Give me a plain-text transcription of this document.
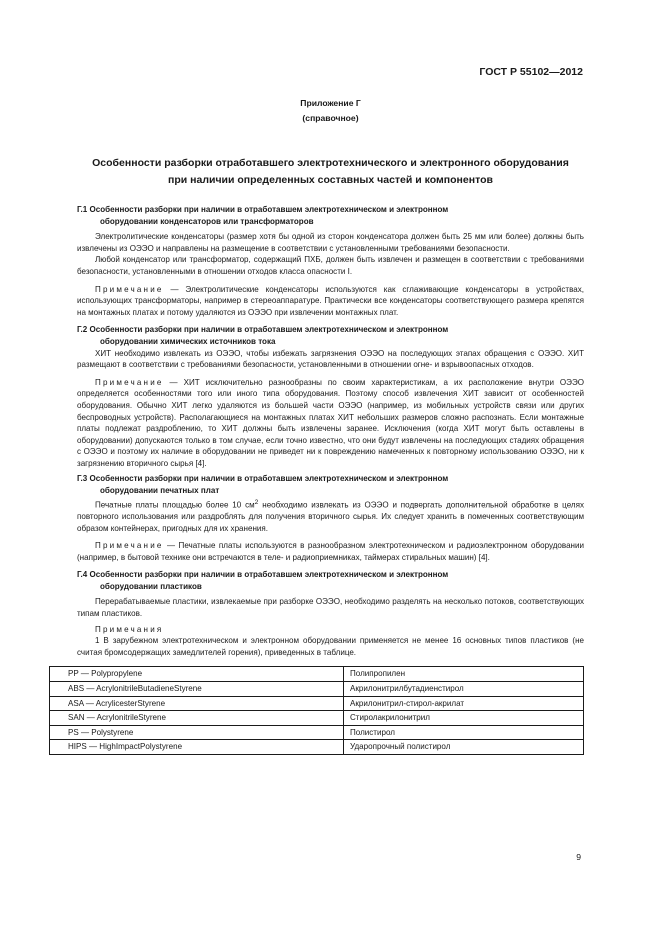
ГОСТ Р 55102—2012
Приложение Г
(справочное)
Особенности разборки отработавшего электротехнического и электронного оборудования
при наличии определенных составных частей и компонентов

Г.1 Особенности разборки при наличии в отработавшем электротехническом и электронном

оборудовании конденсаторов или трансформаторов

Электролитические конденсаторы (размер хотя бы одной из сторон конденсатора должен быть 25 мм или более) должны быть извлечены из ОЭЭО и направлены на размещение в соответствии с установленными требованиями безопасности.

Любой конденсатор или трансформатор, содержащий ПХБ, должен быть извлечен и размещен в соответствии с требованиями безопасности, установленными в отношении отходов класса опасности I.

Примечание — Электролитические конденсаторы используются как сглаживающие конденсаторы в устройствах, использующих трансформаторы, например в стереоаппаратуре. Практически все конденсаторы соответствующего размера крепятся на монтажных платах и потому удаляются из ОЭЭО при извлечении монтажных плат.

Г.2 Особенности разборки при наличии в отработавшем электротехническом и электронном

оборудовании химических источников тока

ХИТ необходимо извлекать из ОЭЭО, чтобы избежать загрязнения ОЭЭО на последующих этапах обращения с ОЭЭО. ХИТ размещают в соответствии с требованиями безопасности, установленными в отношении огне- и взрывоопасных отходов.

Примечание — ХИТ исключительно разнообразны по своим характеристикам, а их расположение внутри ОЭЭО определяется особенностями того или иного типа оборудования. Поэтому способ извлечения ХИТ зависит от особенностей оборудования. Обычно ХИТ легко удаляются из большей части ОЭЭО (например, из мобильных устройств связи или других беспроводных устройств). Располагающиеся на монтажных платах ХИТ небольших размеров сложно распознать. Если монтажные платы подлежат раздроблению, то ХИТ должны быть извлечены заранее. Исключения (когда ХИТ могут быть оставлены в оборудовании) допускаются только в том случае, если точно известно, что они будут извлечены на последующих стадиях обращения с ОЭЭО и поэтому их наличие в оборудовании не приведет ни к повреждению намеченных к повторному использованию ОЭЭО, ни к загрязнению вторичного сырья [4].

Г.3 Особенности разборки при наличии в отработавшем электротехническом и электронном

оборудовании печатных плат

Печатные платы площадью более 10 $см^2$ необходимо извлекать из ОЭЭО и подвергать дополнительной обработке в целях повторного использования или раздроблять для получения вторичного сырья. Их следует хранить в помеченных соответствующим образом контейнерах, пригодных для их хранения.

Примечание — Печатные платы используются в разнообразном электротехническом и радиоэлектронном оборудовании (например, в бытовой технике они встречаются в теле- и радиоприемниках, таймерах стиральных машин) [4].

Г.4 Особенности разборки при наличии в отработавшем электротехническом и электронном

оборудовании пластиков

Перерабатываемые пластики, извлекаемые при разборке ОЭЭО, необходимо разделять на несколько потоков, соответствующих типам пластиков.

Примечания

1 В зарубежном электротехническом и электронном оборудовании применяется не менее 16 основных типов пластиков (не считая бромсодержащих замедлителей горения), приведенных в таблице.

PP — Polypropylene	Полипропилен
ABS — AcrylonitrileButadieneStyrene	Акрилонитрилбутадиенстирол
ASA — AcrylicesterStyrene	Акрилонитрил-стирол-акрилат
SAN — AcrylonitrileStyrene	Стиролакрилонитрил
PS — Polystyrene	Полистирол
HIPS — HighImpactPolystyrene	Ударопрочный полистирол
9
